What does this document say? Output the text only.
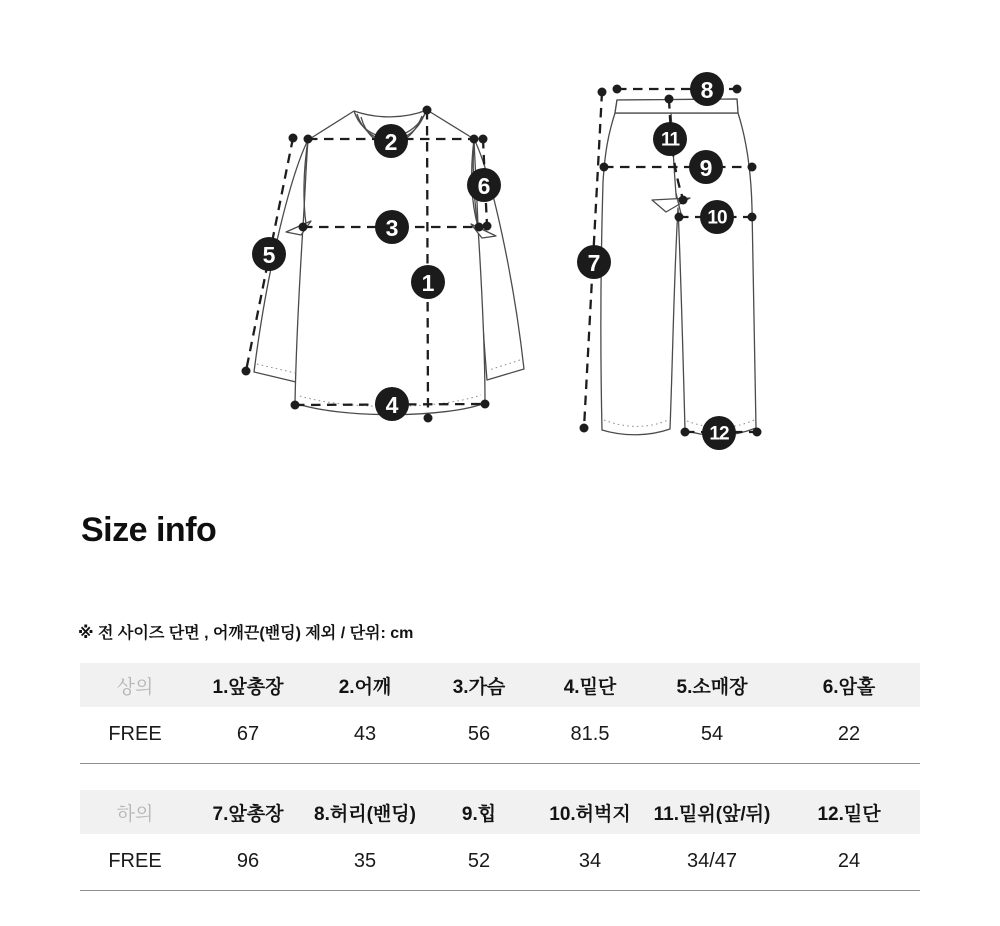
1
2
3
4
5
6
7
8
9
10
11
12
Size info

※ 전 사이즈 단면 , 어깨끈(밴딩) 제외 / 단위: cm

상의	1.앞총장	2.어깨	3.가슴	4.밑단	5.소매장	6.암홀
FREE	67	43	56	81.5	54	22
하의	7.앞총장	8.허리(밴딩)	9.힙	10.허벅지	11.밑위(앞/뒤)	12.밑단
FREE	96	35	52	34	34/47	24
